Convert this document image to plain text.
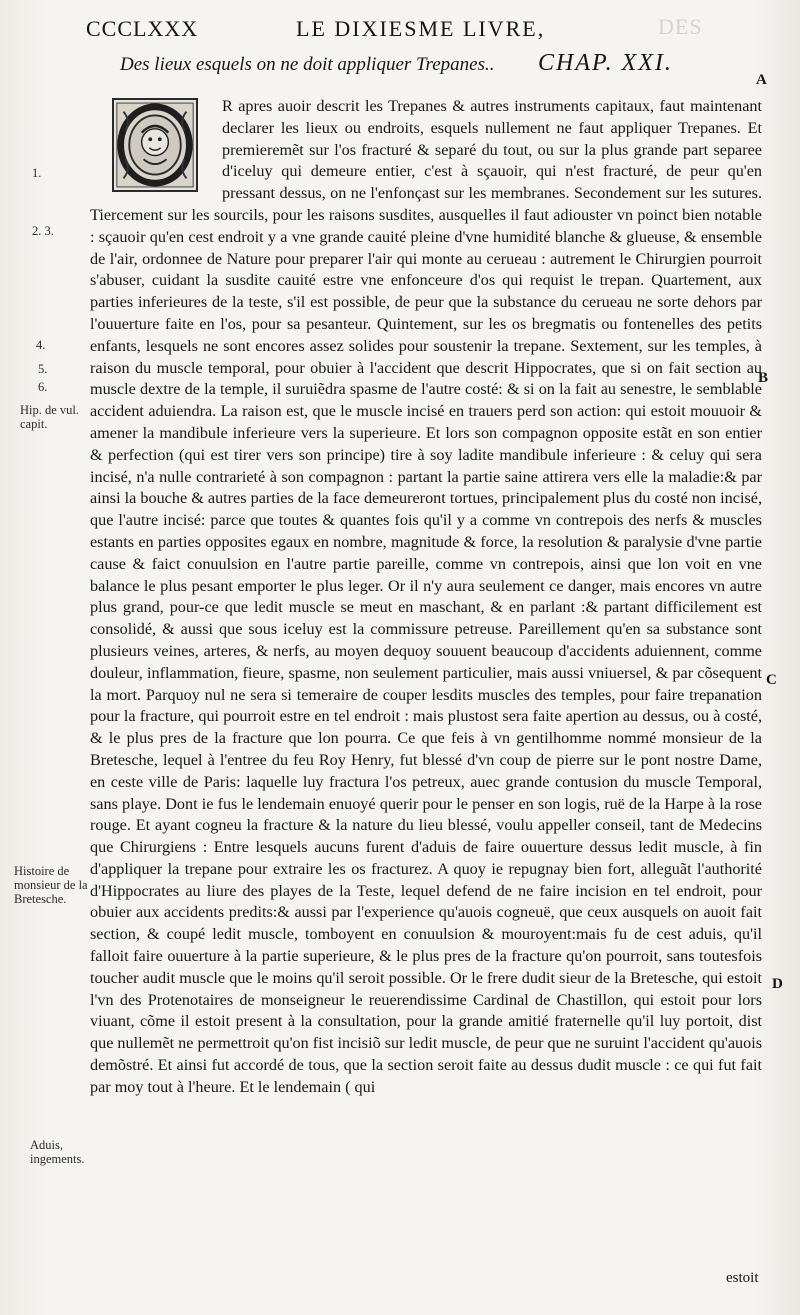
CCCLXXX	LE DIXIESME LIVRE,	DES
Des lieux esquels on ne doit appliquer Trepanes.. CHAP. XXI.
A
B
C
D
1.
2. 3.
4.
5.
6.
Hip. de vul. capit.
Histoire de monsieur de la Bretesche.
Aduis, ingements.
R apres auoir descrit les Trepanes & autres instruments capitaux, faut maintenant declarer les lieux ou endroits, esquels nullement ne faut appliquer Trepanes. Et premieremẽt sur l'os fracturé & separé du tout, ou sur la plus grande part separee d'iceluy qui demeure entier, c'est à sçauoir, qui n'est fracturé, de peur qu'en pressant dessus, on ne l'enfonçast sur les membranes. Secondement sur les sutures. Tiercement sur les sourcils, pour les raisons susdites, ausquelles il faut adiouster vn poinct bien notable : sçauoir qu'en cest endroit y a vne grande cauité pleine d'vne humidité blanche & glueuse, & ensemble de l'air, ordonnee de Nature pour preparer l'air qui monte au cerueau : autrement le Chirurgien pourroit s'abuser, cuidant la susdite cauité estre vne enfonceure d'os qui requist le trepan. Quartement, aux parties inferieures de la teste, s'il est possible, de peur que la substance du cerueau ne sorte dehors par l'ouuerture faite en l'os, pour sa pesanteur. Quintement, sur les os bregmatis ou fontenelles des petits enfants, lesquels ne sont encores assez solides pour soustenir la trepane. Sextement, sur les temples, à raison du muscle temporal, pour obuier à l'accident que descrit Hippocrates, que si on fait section au muscle dextre de la temple, il suruiẽdra spasme de l'autre costé: & si on la fait au senestre, le semblable accident aduiendra. La raison est, que le muscle incisé en trauers perd son action: qui estoit mouuoir & amener la mandibule inferieure vers la superieure. Et lors son compagnon opposite estãt en son entier & perfection (qui est tirer vers son principe) tire à soy ladite mandibule inferieure : & celuy qui sera incisé, n'a nulle contrarieté à son compagnon : partant la partie saine attirera vers elle la maladie:& par ainsi la bouche & autres parties de la face demeureront tortues, principalement plus du costé non incisé, que l'autre incisé: parce que toutes & quantes fois qu'il y a comme vn contrepois des nerfs & muscles estants en parties opposites egaux en nombre, magnitude & force, la resolution & paralysie d'vne partie cause & faict conuulsion en l'autre partie pareille, comme vn contrepois, ainsi que lon voit en vne balance le plus pesant emporter le plus leger. Or il n'y aura seulement ce danger, mais encores vn autre plus grand, pour-ce que ledit muscle se meut en maschant, & en parlant :& partant difficilement est consolidé, & aussi que sous iceluy est la commissure petreuse. Pareillement qu'en sa substance sont plusieurs veines, arteres, & nerfs, au moyen dequoy souuent beaucoup d'accidents aduiennent, comme douleur, inflammation, fieure, spasme, non seulement particulier, mais aussi vniuersel, & par cõsequent la mort. Parquoy nul ne sera si temeraire de couper lesdits muscles des temples, pour faire trepanation pour la fracture, qui pourroit estre en tel endroit : mais plustost sera faite apertion au dessus, ou à costé, & le plus pres de la fracture que lon pourra. Ce que feis à vn gentilhomme nommé monsieur de la Bretesche, lequel à l'entree du feu Roy Henry, fut blessé d'vn coup de pierre sur le pont nostre Dame, en ceste ville de Paris: laquelle luy fractura l'os petreux, auec grande contusion du muscle Temporal, sans playe. Dont ie fus le lendemain enuoyé querir pour le penser en son logis, ruë de la Harpe à la rose rouge. Et ayant cogneu la fracture & la nature du lieu blessé, voulu appeller conseil, tant de Medecins que Chirurgiens : Entre lesquels aucuns furent d'aduis de faire ouuerture dessus ledit muscle, à fin d'appliquer la trepane pour extraire les os fracturez. A quoy ie repugnay bien fort, alleguãt l'authorité d'Hippocrates au liure des playes de la Teste, lequel defend de ne faire incision en tel endroit, pour obuier aux accidents predits:& aussi par l'experience qu'auois cogneuë, que ceux ausquels on auoit fait section, & coupé ledit muscle, tomboyent en conuulsion & mouroyent:mais fu de cest aduis, qu'il falloit faire ouuerture à la partie superieure, & le plus pres de la fracture qu'on pourroit, sans toutesfois toucher audit muscle que le moins qu'il seroit possible. Or le frere dudit sieur de la Bretesche, qui estoit l'vn des Protenotaires de monseigneur le reuerendissime Cardinal de Chastillon, qui estoit pour lors viuant, cõme il estoit present à la consultation, pour la grande amitié fraternelle qu'il luy portoit, dist que nullemẽt ne permettroit qu'on fist incisiõ sur ledit muscle, de peur que ne suruint l'accident qu'auois demõstré. Et ainsi fut accordé de tous, que la section seroit faite au dessus dudit muscle : ce qui fut fait par moy tout à l'heure. Et le lendemain ( qui
estoit
